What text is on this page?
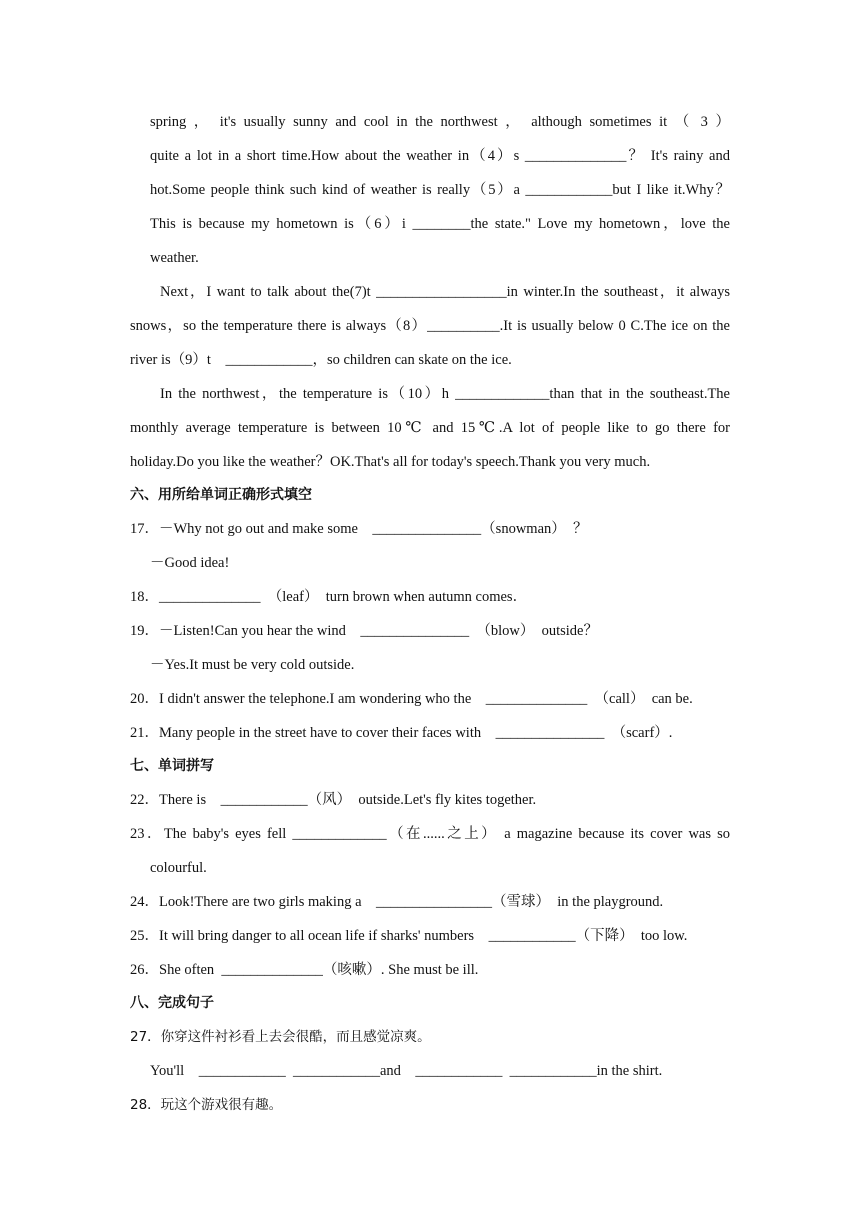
spring ， it's usually sunny and cool in the northwest ， although sometimes it （ 3 ）
quite a lot in a short time.How about the weather in（4）s ______________？ It's rainy and
hot.Some people think such kind of weather is really（5）a ____________but I like it.Why？
This is because my hometown is（6）i ________the state." Love my hometown，love the
weather.
Next，I want to talk about the(7)t __________________in winter.In the southeast，it always
snows，so the temperature there is always（8）__________.It is usually below 0 C.The ice on the
river is（9）t    ____________，so children can skate on the ice.
In the northwest，the temperature is（10）h _____________than that in the southeast.The
monthly average temperature is between 10℃ and 15℃.A lot of people like to go there for
holiday.Do you like the weather？OK.That's all for today's speech.Thank you very much.
六、用所给单词正确形式填空
17．－Why not go out and make some    _______________（snowman）  ？
－Good idea!
18．______________  （leaf）  turn brown when autumn comes．
19．－Listen!Can you hear the wind    _______________  （blow）  outside？
－Yes.It must be very cold outside.
20．I didn't answer the telephone.I am wondering who the    ______________  （call）  can be.
21．Many people in the street have to cover their faces with    _______________  （scarf）.
七、单词拼写
22．There is    ____________（风）  outside.Let's fly kites together.
23．The baby's eyes fell _____________（在......之上） a magazine because its cover was so
colourful.
24．Look!There are two girls making a    ________________（雪球）  in the playground.
25．It will bring danger to all ocean life if sharks' numbers    ____________（下降）  too low.
26．She often  ______________（咳嗽）. She must be ill.
八、完成句子
27．你穿这件衬衫看上去会很酷，而且感觉凉爽。
You'll    ____________  ____________and    ____________  ____________in the shirt.
28．玩这个游戏很有趣。
